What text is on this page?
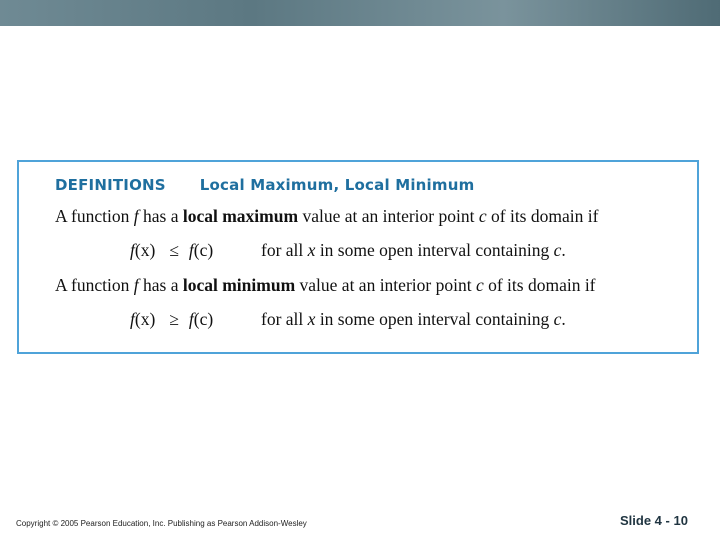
DEFINITIONS Local Maximum, Local Minimum
A function f has a local maximum value at an interior point c of its domain if
f(x) ≤ f(c)	for all x in some open interval containing c.
A function f has a local minimum value at an interior point c of its domain if
f(x) ≥ f(c)	for all x in some open interval containing c.
Copyright © 2005 Pearson Education, Inc. Publishing as Pearson Addison-Wesley	Slide 4 - 10
